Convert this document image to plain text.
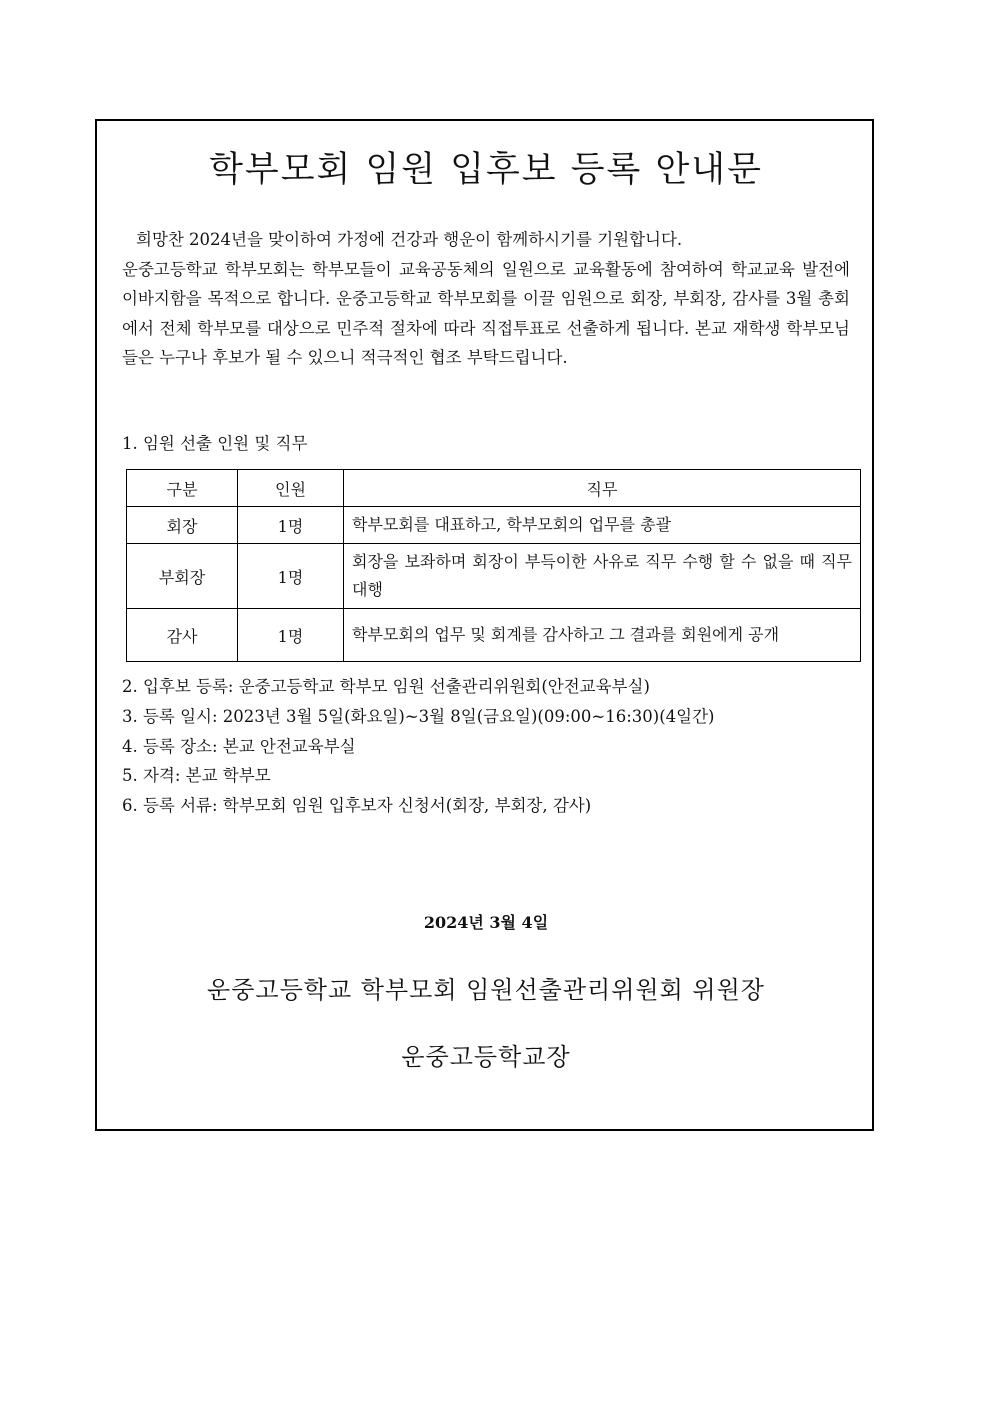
학부모회 임원 입후보 등록 안내문

희망찬 2024년을 맞이하여 가정에 건강과 행운이 함께하시기를 기원합니다.

운중고등학교 학부모회는 학부모들이 교육공동체의 일원으로 교육활동에 참여하여 학교교육 발전에 이바지함을 목적으로 합니다. 운중고등학교 학부모회를 이끌 임원으로 회장, 부회장, 감사를 3월 총회에서 전체 학부모를 대상으로 민주적 절차에 따라 직접투표로 선출하게 됩니다. 본교 재학생 학부모님들은 누구나 후보가 될 수 있으니 적극적인 협조 부탁드립니다.

1. 임원 선출 인원 및 직무
구분	인원	직무
회장	1명	학부모회를 대표하고, 학부모회의 업무를 총괄
부회장	1명	회장을 보좌하며 회장이 부득이한 사유로 직무 수행 할 수 없을 때 직무대행
감사	1명	학부모회의 업무 및 회계를 감사하고 그 결과를 회원에게 공개
2. 입후보 등록: 운중고등학교 학부모 임원 선출관리위원회(안전교육부실)
3. 등록 일시: 2023년 3월 5일(화요일)~3월 8일(금요일)(09:00~16:30)(4일간)
4. 등록 장소: 본교 안전교육부실
5. 자격: 본교 학부모
6. 등록 서류: 학부모회 임원 입후보자 신청서(회장, 부회장, 감사)
2024년 3월 4일
운중고등학교 학부모회 임원선출관리위원회 위원장
운중고등학교장
